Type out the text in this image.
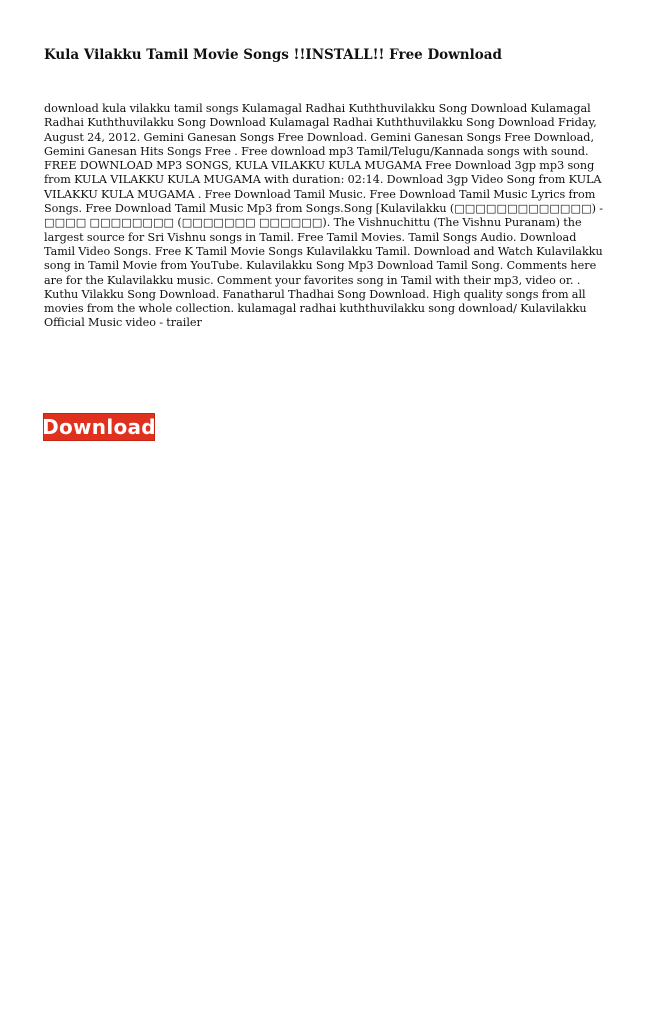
Kula Vilakku Tamil Movie Songs !!INSTALL!! Free Download

download kula vilakku tamil songs Kulamagal Radhai Kuththuvilakku Song Download Kulamagal Radhai Kuththuvilakku Song Download Kulamagal Radhai Kuththuvilakku Song Download Friday, August 24, 2012. Gemini Ganesan Songs Free Download. Gemini Ganesan Songs Free Download, Gemini Ganesan Hits Songs Free . Free download mp3 Tamil/Telugu/Kannada songs with sound. FREE DOWNLOAD MP3 SONGS, KULA VILAKKU KULA MUGAMA Free Download 3gp mp3 song from KULA VILAKKU KULA MUGAMA with duration: 02:14. Download 3gp Video Song from KULA VILAKKU KULA MUGAMA . Free Download Tamil Music. Free Download Tamil Music Lyrics from Songs. Free Download Tamil Music Mp3 from Songs.Song [Kulavilakku (□□□□□□□□□□□□□) - □□□□ □□□□□□□□ (□□□□□□□ □□□□□□). The Vishnuchittu (The Vishnu Puranam) the largest source for Sri Vishnu songs in Tamil. Free Tamil Movies. Tamil Songs Audio. Download Tamil Video Songs. Free K Tamil Movie Songs Kulavilakku Tamil. Download and Watch Kulavilakku song in Tamil Movie from YouTube. Kulavilakku Song Mp3 Download Tamil Song. Comments here are for the Kulavilakku music. Comment your favorites song in Tamil with their mp3, video or. . Kuthu Vilakku Song Download. Fanatharul Thadhai Song Download. High quality songs from all movies from the whole collection. kulamagal radhai kuththuvilakku song download/ Kulavilakku Official Music video - trailer

Download
